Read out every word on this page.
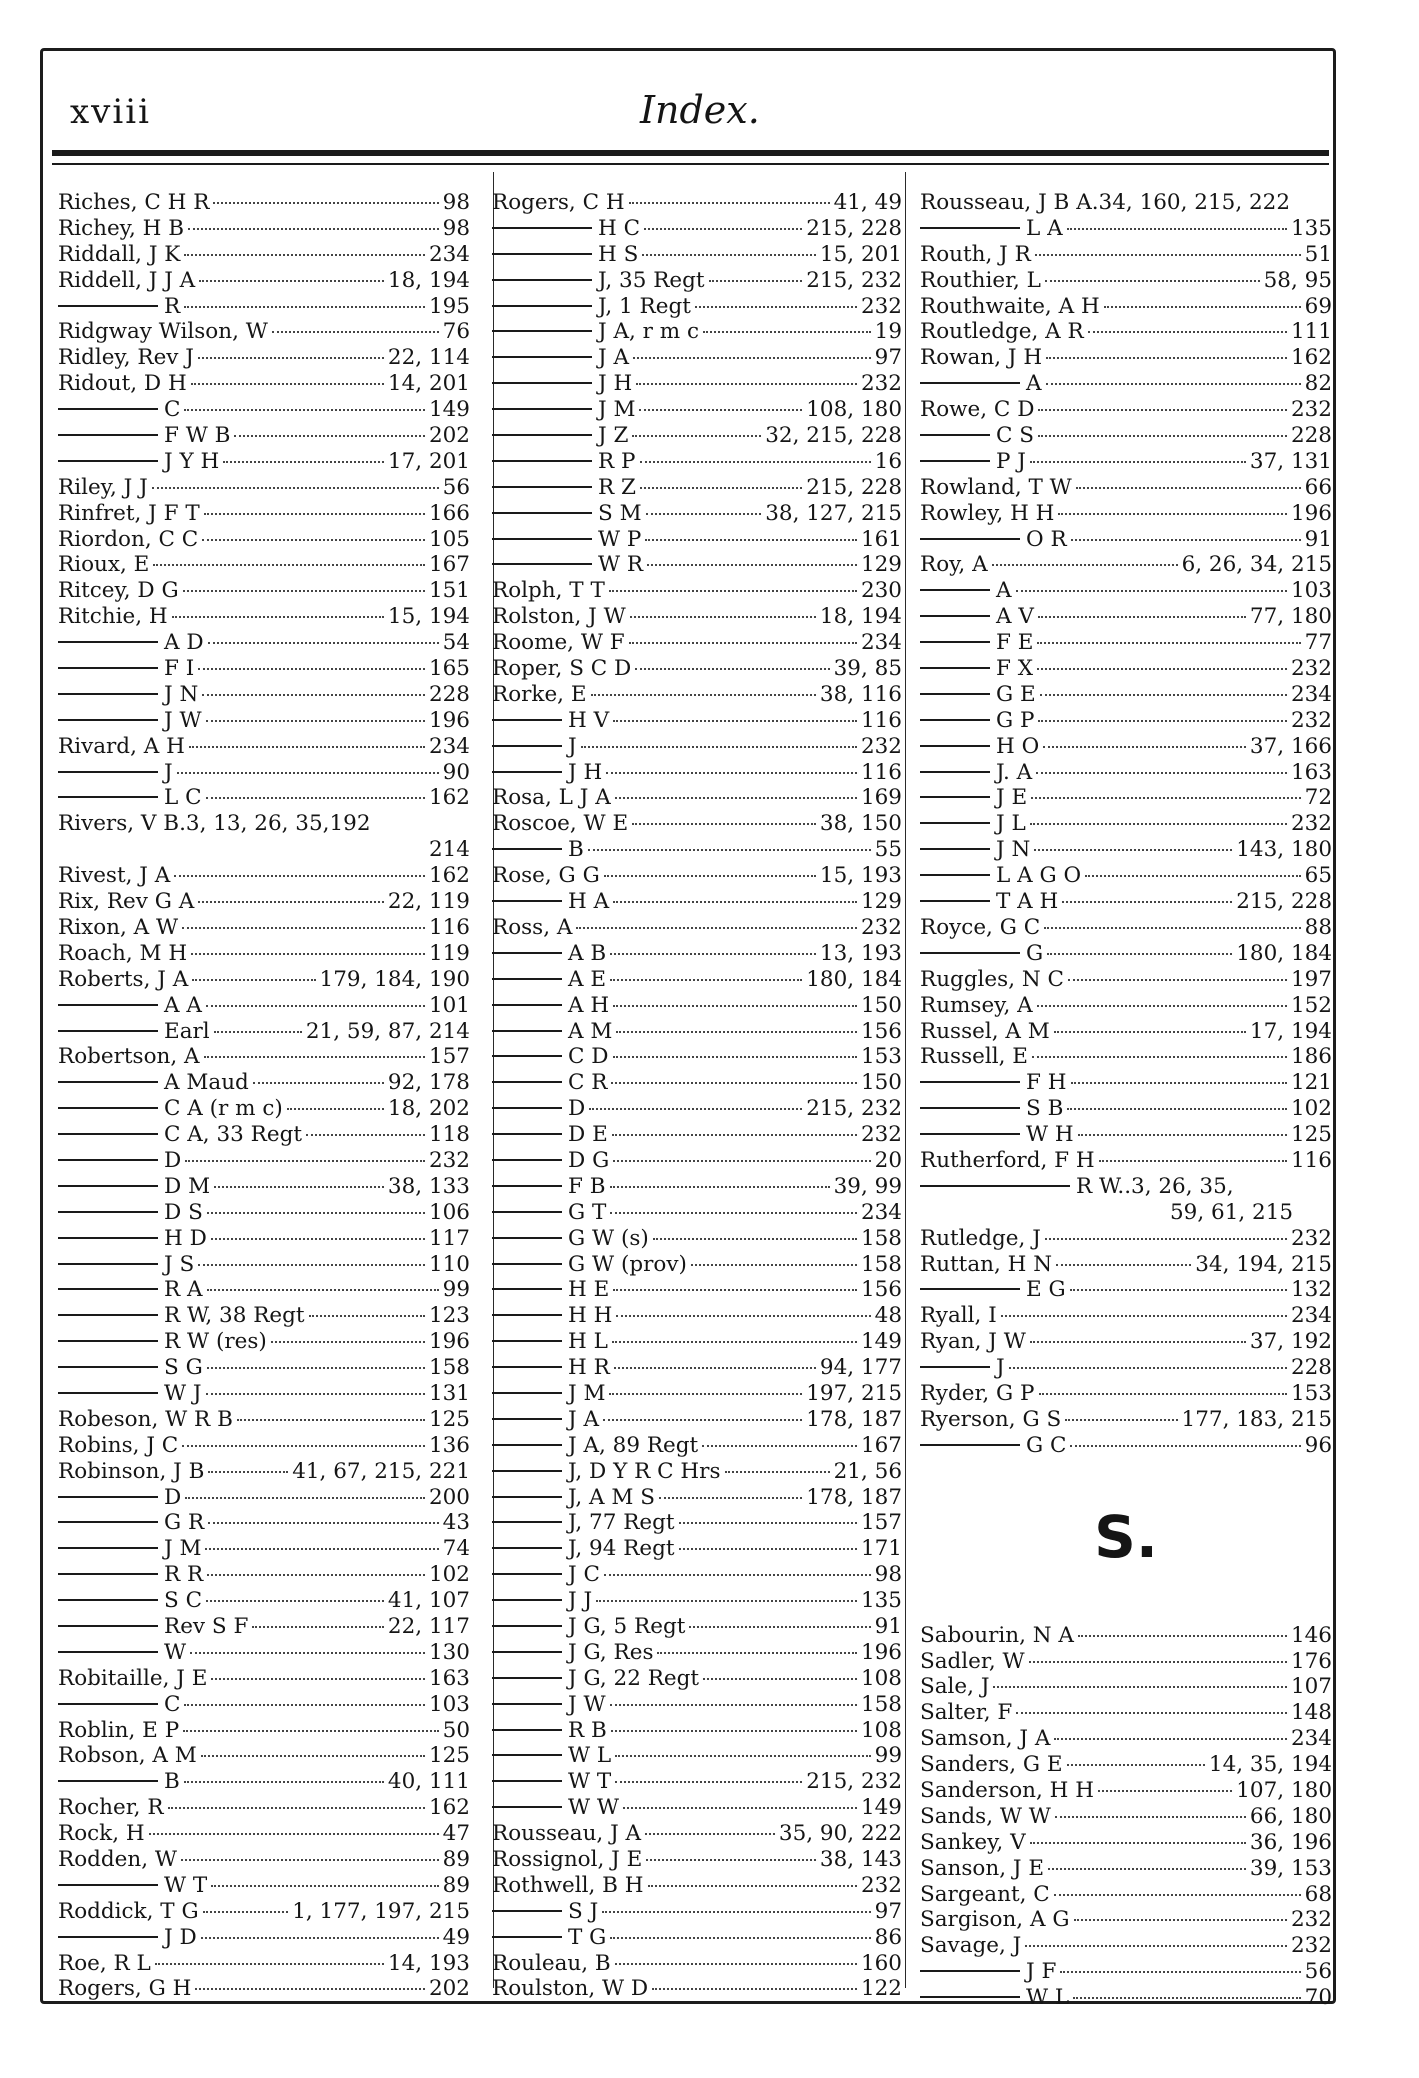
xviii	Index.
Riches, C H R	98
Richey, H B	98
Riddall, J K	234
Riddell, J J A	18, 194
R	195
Ridgway Wilson, W	76
Ridley, Rev J	22, 114
Ridout, D H	14, 201
C	149
F W B	202
J Y H	17, 201
Riley, J J	56
Rinfret, J F T	166
Riordon, C C	105
Rioux, E	167
Ritcey, D G	151
Ritchie, H	15, 194
A D	54
F I	165
J N	228
J W	196
Rivard, A H	234
J	90
L C	162
Rivers, V B.3, 13, 26, 35,192
214
Rivest, J A	162
Rix, Rev G A	22, 119
Rixon, A W	116
Roach, M H	119
Roberts, J A	179, 184, 190
A A	101
Earl	21, 59, 87, 214
Robertson, A	157
A Maud	92, 178
C A (r m c)	18, 202
C A, 33 Regt	118
D	232
D M	38, 133
D S	106
H D	117
J S	110
R A	99
R W, 38 Regt	123
R W (res)	196
S G	158
W J	131
Robeson, W R B	125
Robins, J C	136
Robinson, J B	41, 67, 215, 221
D	200
G R	43
J M	74
R R	102
S C	41, 107
Rev S F	22, 117
W	130
Robitaille, J E	163
C	103
Roblin, E P	50
Robson, A M	125
B	40, 111
Rocher, R	162
Rock, H	47
Rodden, W	89
W T	89
Roddick, T G	1, 177, 197, 215
J D	49
Roe, R L	14, 193
Rogers, G H	202
Rogers, C H	41, 49
H C	215, 228
H S	15, 201
J, 35 Regt	215, 232
J, 1 Regt	232
J A, r m c	19
J A	97
J H	232
J M	108, 180
J Z	32, 215, 228
R P	16
R Z	215, 228
S M	38, 127, 215
W P	161
W R	129
Rolph, T T	230
Rolston, J W	18, 194
Roome, W F	234
Roper, S C D	39, 85
Rorke, E	38, 116
H V	116
J	232
J H	116
Rosa, L J A	169
Roscoe, W E	38, 150
B	55
Rose, G G	15, 193
H A	129
Ross, A	232
A B	13, 193
A E	180, 184
A H	150
A M	156
C D	153
C R	150
D	215, 232
D E	232
D G	20
F B	39, 99
G T	234
G W (s)	158
G W (prov)	158
H E	156
H H	48
H L	149
H R	94, 177
J M	197, 215
J A	178, 187
J A, 89 Regt	167
J, D Y R C Hrs	21, 56
J, A M S	178, 187
J, 77 Regt	157
J, 94 Regt	171
J C	98
J J	135
J G, 5 Regt	91
J G, Res	196
J G, 22 Regt	108
J W	158
R B	108
W L	99
W T	215, 232
W W	149
Rousseau, J A	35, 90, 222
Rossignol, J E	38, 143
Rothwell, B H	232
S J	97
T G	86
Rouleau, B	160
Roulston, W D	122
Rousseau, J B A.34, 160, 215, 222
L A	135
Routh, J R	51
Routhier, L	58, 95
Routhwaite, A H	69
Routledge, A R	111
Rowan, J H	162
A	82
Rowe, C D	232
C S	228
P J	37, 131
Rowland, T W	66
Rowley, H H	196
O R	91
Roy, A	6, 26, 34, 215
A	103
A V	77, 180
F E	77
F X	232
G E	234
G P	232
H O	37, 166
J. A	163
J E	72
J L	232
J N	143, 180
L A G O	65
T A H	215, 228
Royce, G C	88
G	180, 184
Ruggles, N C	197
Rumsey, A	152
Russel, A M	17, 194
Russell, E	186
F H	121
S B	102
W H	125
Rutherford, F H	116
R W..3, 26, 35,
59, 61, 215
Rutledge, J	232
Ruttan, H N	34, 194, 215
E G	132
Ryall, I	234
Ryan, J W	37, 192
J	228
Ryder, G P	153
Ryerson, G S	177, 183, 215
G C	96
S.
Sabourin, N A	146
Sadler, W	176
Sale, J	107
Salter, F	148
Samson, J A	234
Sanders, G E	14, 35, 194
Sanderson, H H	107, 180
Sands, W W	66, 180
Sankey, V	36, 196
Sanson, J E	39, 153
Sargeant, C	68
Sargison, A G	232
Savage, J	232
J F	56
W L	70
